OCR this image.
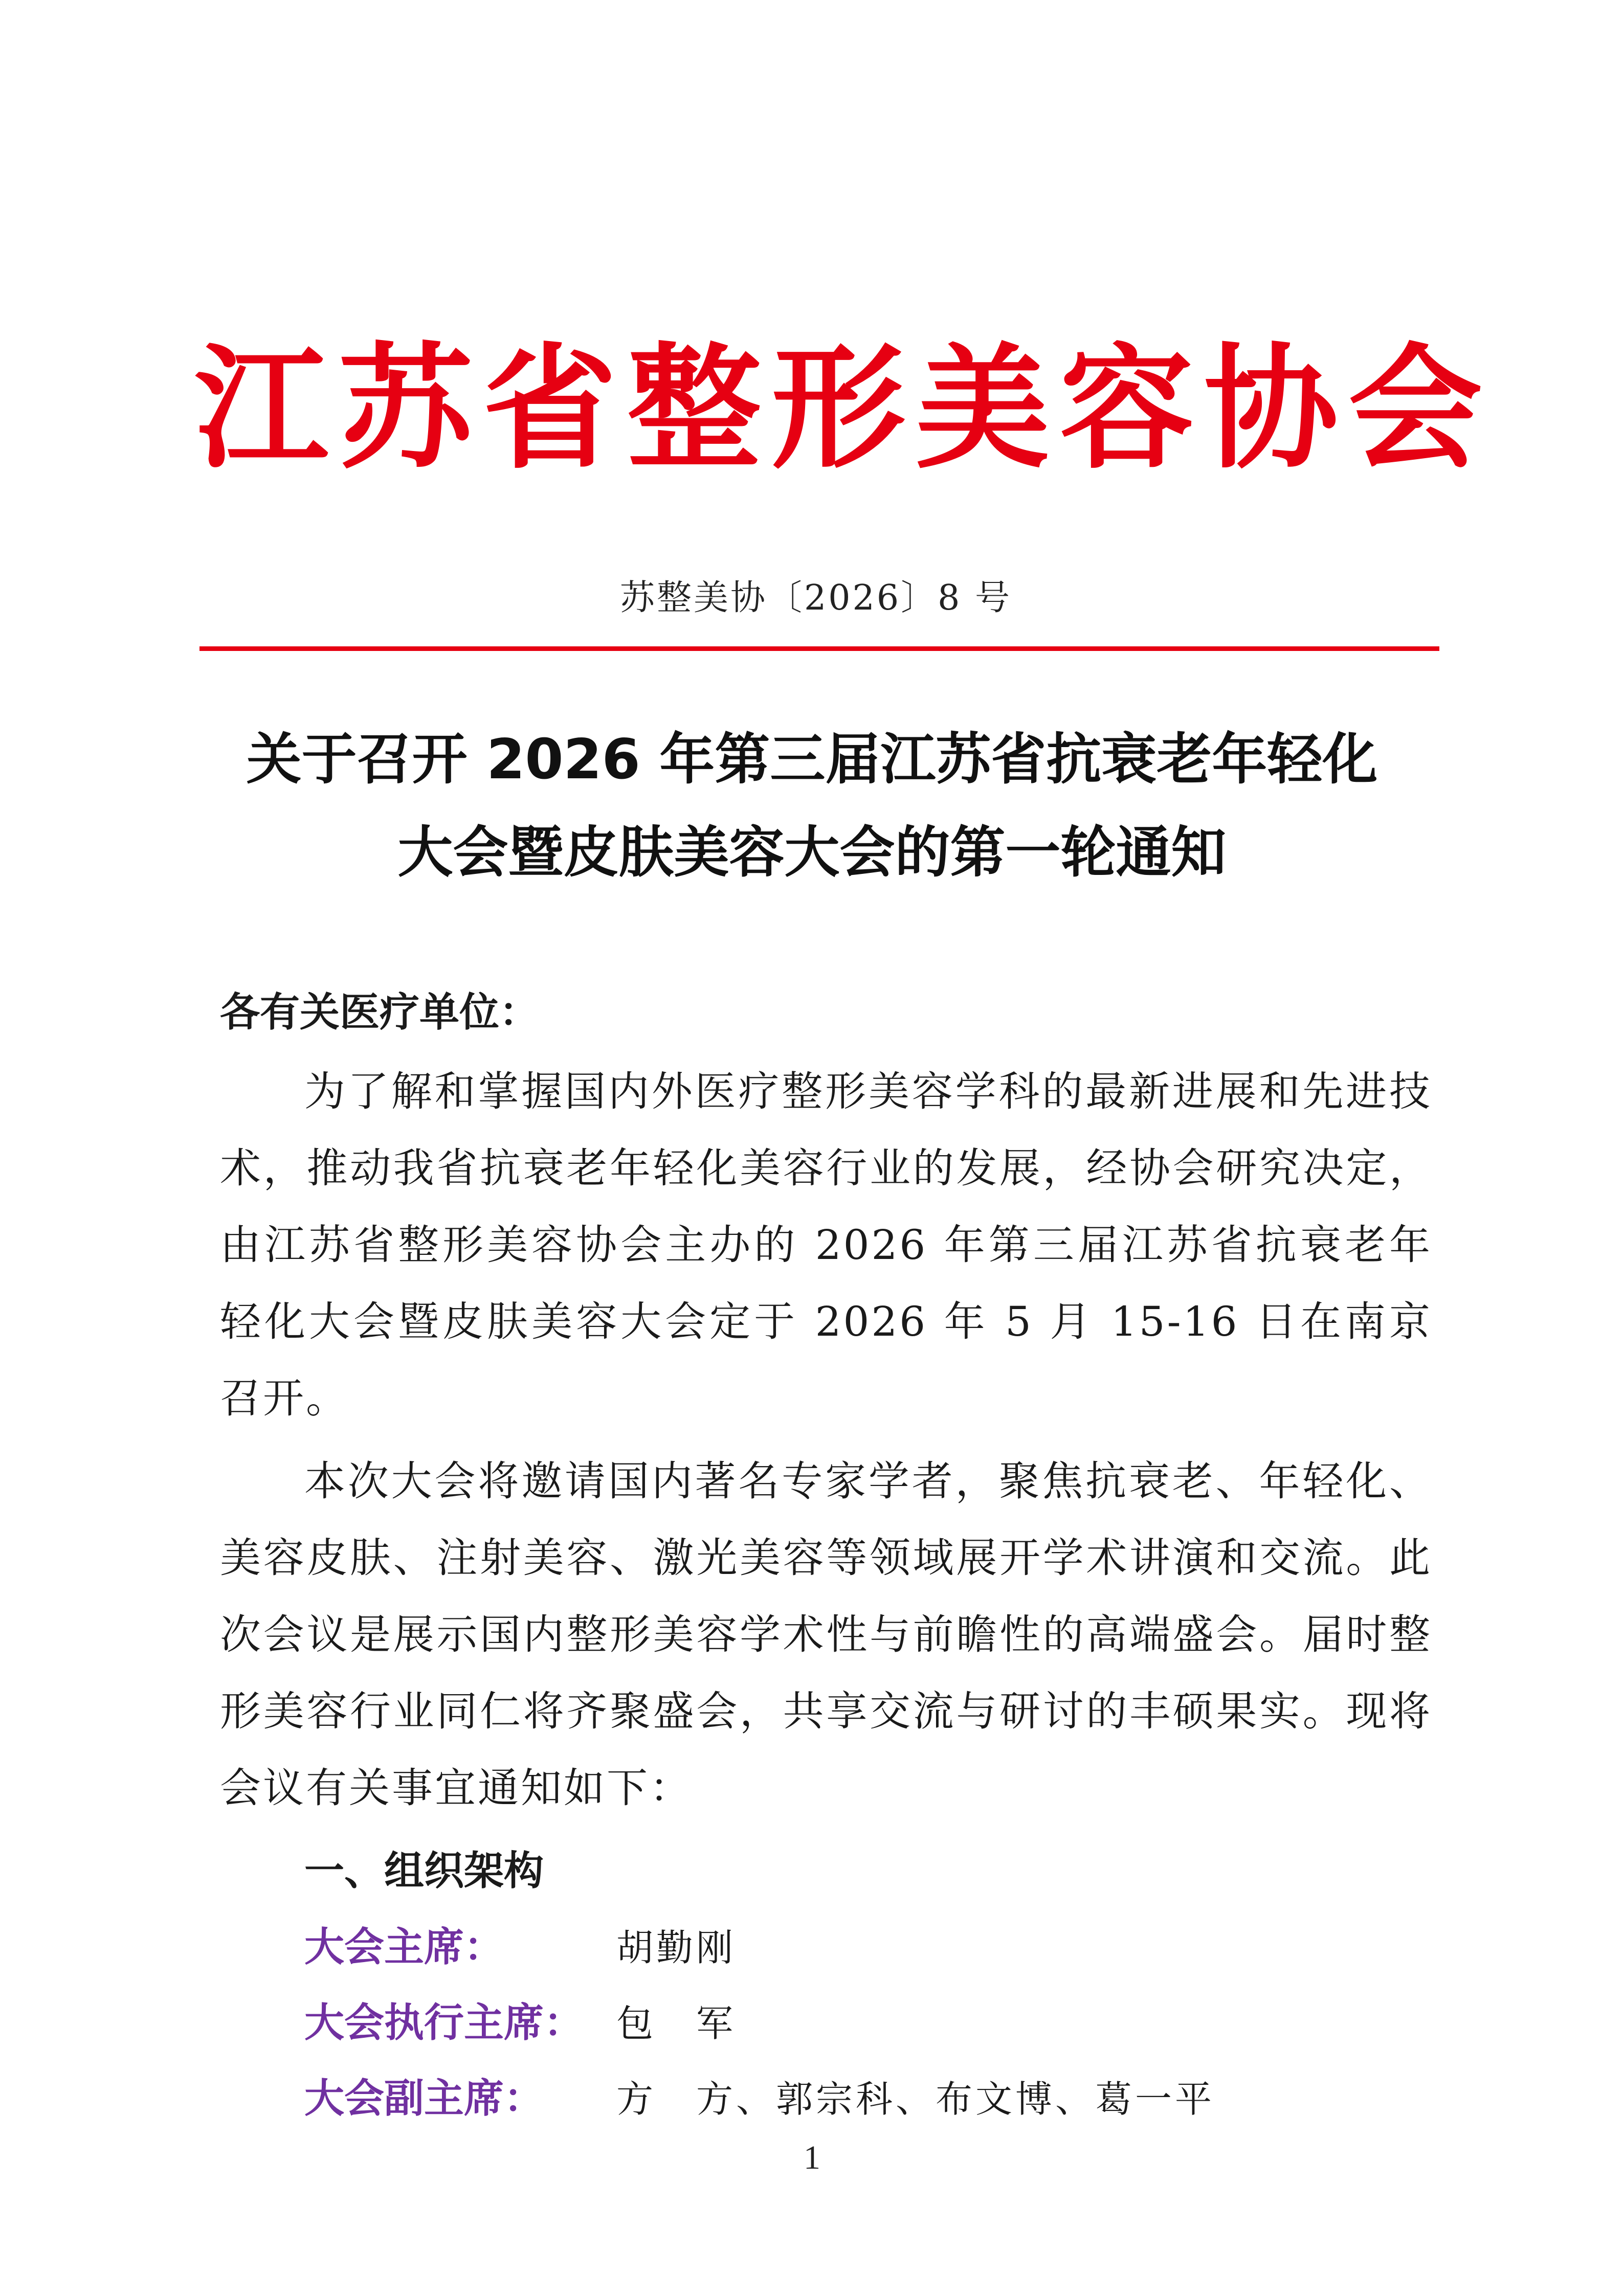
江苏省整形美容协会
苏整美协〔2026〕8 号
关于召开 2026 年第三届江苏省抗衰老年轻化
大会暨皮肤美容大会的第一轮通知
各有关医疗单位：

为了解和掌握国内外医疗整形美容学科的最新进展和先进技术，推动我省抗衰老年轻化美容行业的发展，经协会研究决定，由江苏省整形美容协会主办的 2026 年第三届江苏省抗衰老年轻化大会暨皮肤美容大会定于 2026 年 5 月 15-16 日在南京召开。

本次大会将邀请国内著名专家学者，聚焦抗衰老、年轻化、美容皮肤、注射美容、激光美容等领域展开学术讲演和交流。此次会议是展示国内整形美容学术性与前瞻性的高端盛会。届时整形美容行业同仁将齐聚盛会，共享交流与研讨的丰硕果实。现将会议有关事宜通知如下：

一、组织架构
大会主席：	胡勤刚
大会执行主席： 包　军
大会副主席：	方　方、郭宗科、布文博、葛一平
1
